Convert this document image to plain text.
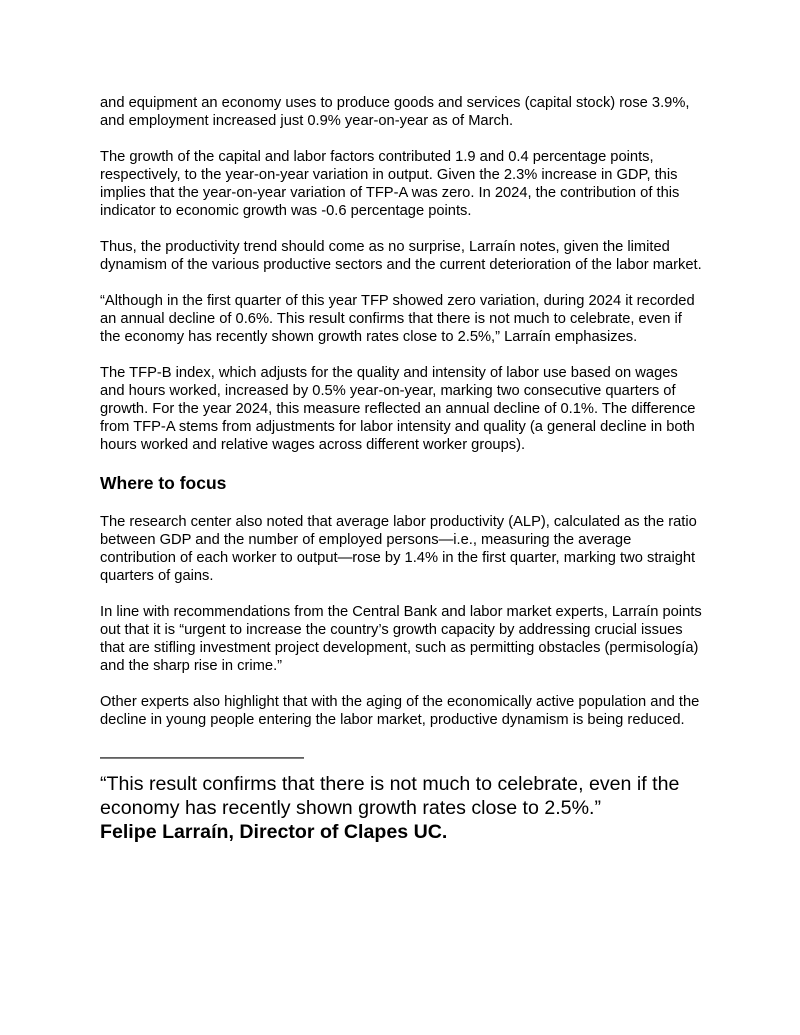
and equipment an economy uses to produce goods and services (capital stock) rose 3.9%, and employment increased just 0.9% year-on-year as of March.

The growth of the capital and labor factors contributed 1.9 and 0.4 percentage points, respectively, to the year-on-year variation in output. Given the 2.3% increase in GDP, this implies that the year-on-year variation of TFP-A was zero. In 2024, the contribution of this indicator to economic growth was -0.6 percentage points.

Thus, the productivity trend should come as no surprise, Larraín notes, given the limited dynamism of the various productive sectors and the current deterioration of the labor market.

“Although in the first quarter of this year TFP showed zero variation, during 2024 it recorded an annual decline of 0.6%. This result confirms that there is not much to celebrate, even if the economy has recently shown growth rates close to 2.5%,” Larraín emphasizes.

The TFP-B index, which adjusts for the quality and intensity of labor use based on wages and hours worked, increased by 0.5% year-on-year, marking two consecutive quarters of growth. For the year 2024, this measure reflected an annual decline of 0.1%. The difference from TFP-A stems from adjustments for labor intensity and quality (a general decline in both hours worked and relative wages across different worker groups).

Where to focus

The research center also noted that average labor productivity (ALP), calculated as the ratio between GDP and the number of employed persons—i.e., measuring the average contribution of each worker to output—rose by 1.4% in the first quarter, marking two straight quarters of gains.

In line with recommendations from the Central Bank and labor market experts, Larraín points out that it is “urgent to increase the country’s growth capacity by addressing crucial issues that are stifling investment project development, such as permitting obstacles (permisología) and the sharp rise in crime.”

Other experts also highlight that with the aging of the economically active population and the decline in young people entering the labor market, productive dynamism is being reduced.

————————————

“This result confirms that there is not much to celebrate, even if the economy has recently shown growth rates close to 2.5%.”

Felipe Larraín, Director of Clapes UC.
